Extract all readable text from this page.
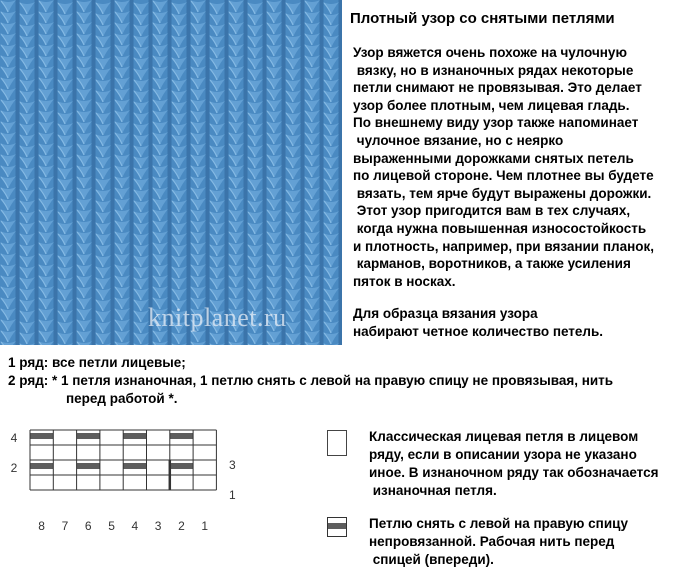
knitplanet.ru
Плотный узор со снятыми петлями
Узор вяжется очень похоже на чулочную
вязку, но в изнаночных рядах некоторые
петли снимают не провязывая. Это делает
узор более плотным, чем лицевая гладь.
По внешнему виду узор также напоминает
чулочное вязание, но с неярко
выраженными дорожками снятых петель
по лицевой стороне. Чем плотнее вы будете
вязать, тем ярче будут выражены дорожки.
Этот узор пригодится вам в тех случаях,
когда нужна повышенная износостойкость
и плотность, например, при вязании планок,
карманов, воротников, а также усиления
пяток в носках.
Для образца вязания узора
набирают четное количество петель.
1 ряд: все петли лицевые;
2 ряд: * 1 петля изнаночная, 1 петлю снять с левой на правую спицу не провязывая, нить
перед работой *.
8 7 6 5 4 3 2 1
4
2	3
1
Классическая лицевая петля в лицевом
ряду, если в описании узора не указано
иное. В изнаночном ряду так обозначается
изнаночная петля.
Петлю снять с левой на правую спицу
непровязанной. Рабочая нить перед
спицей (впереди).
